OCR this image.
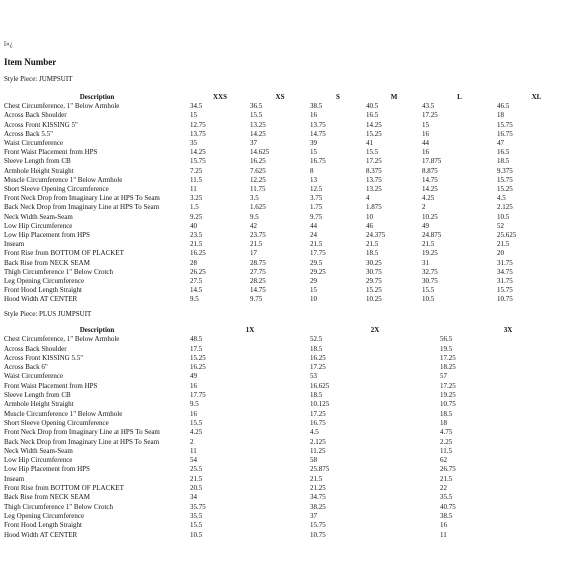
ï»¿
Item Number
Style Piece: JUMPSUIT
Description	XXS	XS	S	M	L	XL
Chest Circumference, 1" Below Armhole	34.5	36.5	38.5	40.5	43.5	46.5
Across Back Shoulder	15	15.5	16	16.5	17.25	18
Across Front KISSING 5"	12.75	13.25	13.75	14.25	15	15.75
Across Back 5.5"	13.75	14.25	14.75	15.25	16	16.75
Waist Circumference	35	37	39	41	44	47
Front Waist Placement from HPS	14.25	14.625	15	15.5	16	16.5
Sleeve Length from CB	15.75	16.25	16.75	17.25	17.875	18.5
Armhole Height Straight	7.25	7.625	8	8.375	8.875	9.375
Muscle Circumference 1" Below Armhole	11.5	12.25	13	13.75	14.75	15.75
Short Sleeve Opening Circumference	11	11.75	12.5	13.25	14.25	15.25
Front Neck Drop from Imaginary Line at HPS To Seam	3.25	3.5	3.75	4	4.25	4.5
Back Neck Drop from Imaginary Line at HPS To Seam	1.5	1.625	1.75	1.875	2	2.125
Neck Width Seam-Seam	9.25	9.5	9.75	10	10.25	10.5
Low Hip Circumference	40	42	44	46	49	52
Low Hip Placement from HPS	23.5	23.75	24	24.375	24.875	25.625
Inseam	21.5	21.5	21.5	21.5	21.5	21.5
Front Rise from BOTTOM OF PLACKET	16.25	17	17.75	18.5	19.25	20
Back Rise from NECK SEAM	28	28.75	29.5	30.25	31	31.75
Thigh Circumference 1" Below Crotch	26.25	27.75	29.25	30.75	32.75	34.75
Leg Opening Circumference	27.5	28.25	29	29.75	30.75	31.75
Front Hood Length Straight	14.5	14.75	15	15.25	15.5	15.75
Hood Width AT CENTER	9.5	9.75	10	10.25	10.5	10.75
Style Piece: PLUS JUMPSUIT
Description	1X	2X	3X
Chest Circumference, 1" Below Armhole	48.5	52.5	56.5
Across Back Shoulder	17.5	18.5	19.5
Across Front KISSING 5.5"	15.25	16.25	17.25
Across Back 6"	16.25	17.25	18.25
Waist Circumference	49	53	57
Front Waist Placement from HPS	16	16.625	17.25
Sleeve Length from CB	17.75	18.5	19.25
Armhole Height Straight	9.5	10.125	10.75
Muscle Circumference 1" Below Armhole	16	17.25	18.5
Short Sleeve Opening Circumference	15.5	16.75	18
Front Neck Drop from Imaginary Line at HPS To Seam	4.25	4.5	4.75
Back Neck Drop from Imaginary Line at HPS To Seam	2	2.125	2.25
Neck Width Seam-Seam	11	11.25	11.5
Low Hip Circumference	54	58	62
Low Hip Placement from HPS	25.5	25.875	26.75
Inseam	21.5	21.5	21.5
Front Rise from BOTTOM OF PLACKET	20.5	21.25	22
Back Rise from NECK SEAM	34	34.75	35.5
Thigh Circumference 1" Below Crotch	35.75	38.25	40.75
Leg Opening Circumference	35.5	37	38.5
Front Hood Length Straight	15.5	15.75	16
Hood Width AT CENTER	10.5	10.75	11
